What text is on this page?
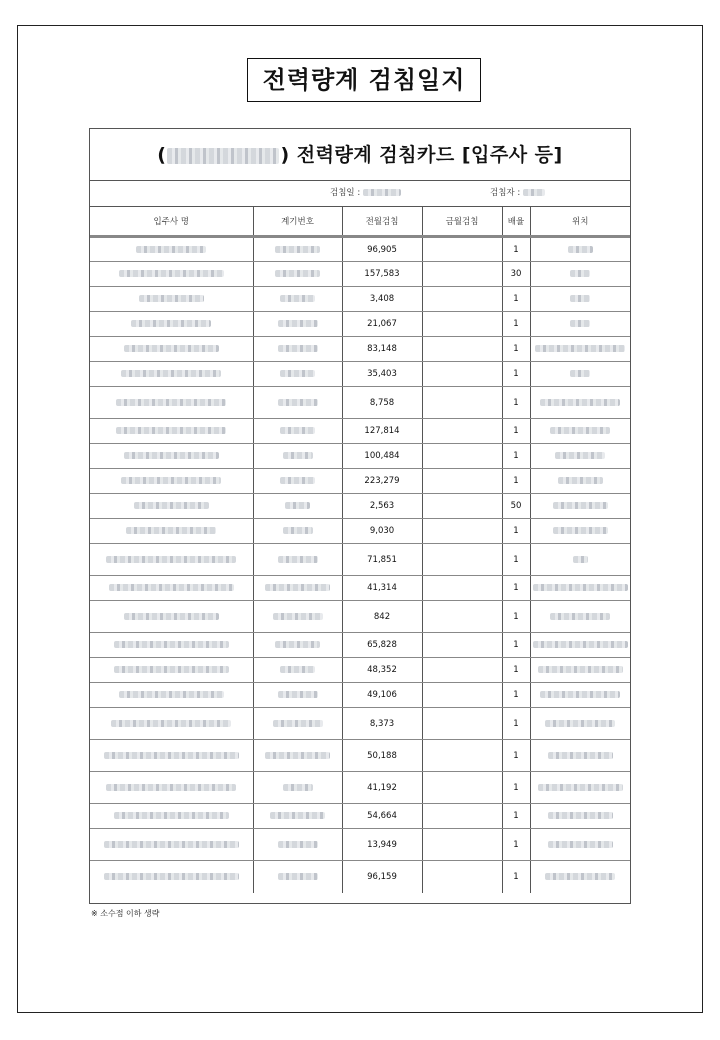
전력량계 검침일지
(	) 전력량계 검침카드 [입주사 등]
검침일 :	검침자 :
입주사 명	계기번호	전월검침	금월검침	배율	위치
		96,905		1	
		157,583		30	
		3,408		1	
		21,067		1	
		83,148		1	
		35,403		1	
		8,758		1	
		127,814		1	
		100,484		1	
		223,279		1	
		2,563		50	
		9,030		1	
		71,851		1	
		41,314		1	
		842		1	
		65,828		1	
		48,352		1	
		49,106		1	
		8,373		1	
		50,188		1	
		41,192		1	
		54,664		1	
		13,949		1	
		96,159		1	
※ 소수점 이하 생략
